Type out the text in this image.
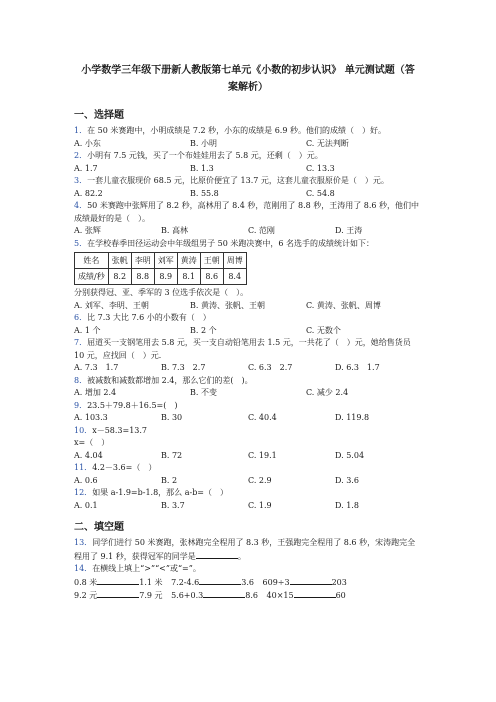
小学数学三年级下册新人教版第七单元《小数的初步认识》 单元测试题（答
案解析）
一、选择题
1．在 50 米赛跑中，小明成绩是 7.2 秒，小东的成绩是 6.9 秒。他们的成绩（　）好。
A. 小东	B. 小明	C. 无法判断
2．小明有 7.5 元钱，买了一个布娃娃用去了 5.8 元，还剩（　）元。
A. 1.7	B. 1.3	C. 13.3
3．一套儿童衣服现价 68.5 元，比原价便宜了 13.7 元，这套儿童衣服原价是（　）元。
A. 82.2	B. 55.8	C. 54.8
4．50 米赛跑中张辉用了 8.2 秒，高林用了 8.4 秒，范刚用了 8.8 秒，王涛用了 8.6 秒，他们中成绩最好的是（　）。
A. 张辉	B. 高林	C. 范刚	D. 王涛
5．在学校春季田径运动会中年级组男子 50 米跑决赛中，6 名选手的成绩统计如下：
姓名	张帆	李明	刘军	黄涛	王朝	周博
成绩/秒	8.2	8.8	8.9	8.1	8.6	8.4
分别获得冠、亚、季军的 3 位选手依次是（　）。
A. 刘军、李明、王朝	B. 黄涛、张帆、王朝	C. 黄涛、张帆、周博
6．比 7.3 大比 7.6 小的小数有（　）
A. 1 个	B. 2 个	C. 无数个
7．屈道买一支钢笔用去 5.8 元，买一支自动铅笔用去 1.5 元，一共花了（　）元，她给售货员 10 元，应找回（　）元．
A. 7.3　1.7	B. 7.3　2.7	C. 6.3　2.7	D. 6.3　1.7
8．被减数和减数都增加 2.4，那么它们的差(　)。
A. 增加 2.4	B. 不变	C. 减少 2.4
9．23.5＋79.8＋16.5=(　)
A. 103.3	B. 30	C. 40.4	D. 119.8
10．x－58.3=13.7
x=（　）
A. 4.04	B. 72	C. 19.1	D. 5.04
11．4.2－3.6=（　）
A. 0.6	B. 2	C. 2.9	D. 3.6
12．如果 a-1.9=b-1.8，那么 a-b=（　）
A. 0.1	B. 3.7	C. 1.9	D. 1.8
二、填空题
13．同学们进行 50 米赛跑，张林跑完全程用了 8.3 秒，王强跑完全程用了 8.6 秒，宋涛跑完全程用了 9.1 秒，获得冠军的同学是	。
14．在横线上填上“>”“<”或“=”。
0.8 米	1.1 米 7.2-4.6	3.6 609÷3	203
9.2 元	7.9 元 5.6+0.3	8.6 40×15	60
